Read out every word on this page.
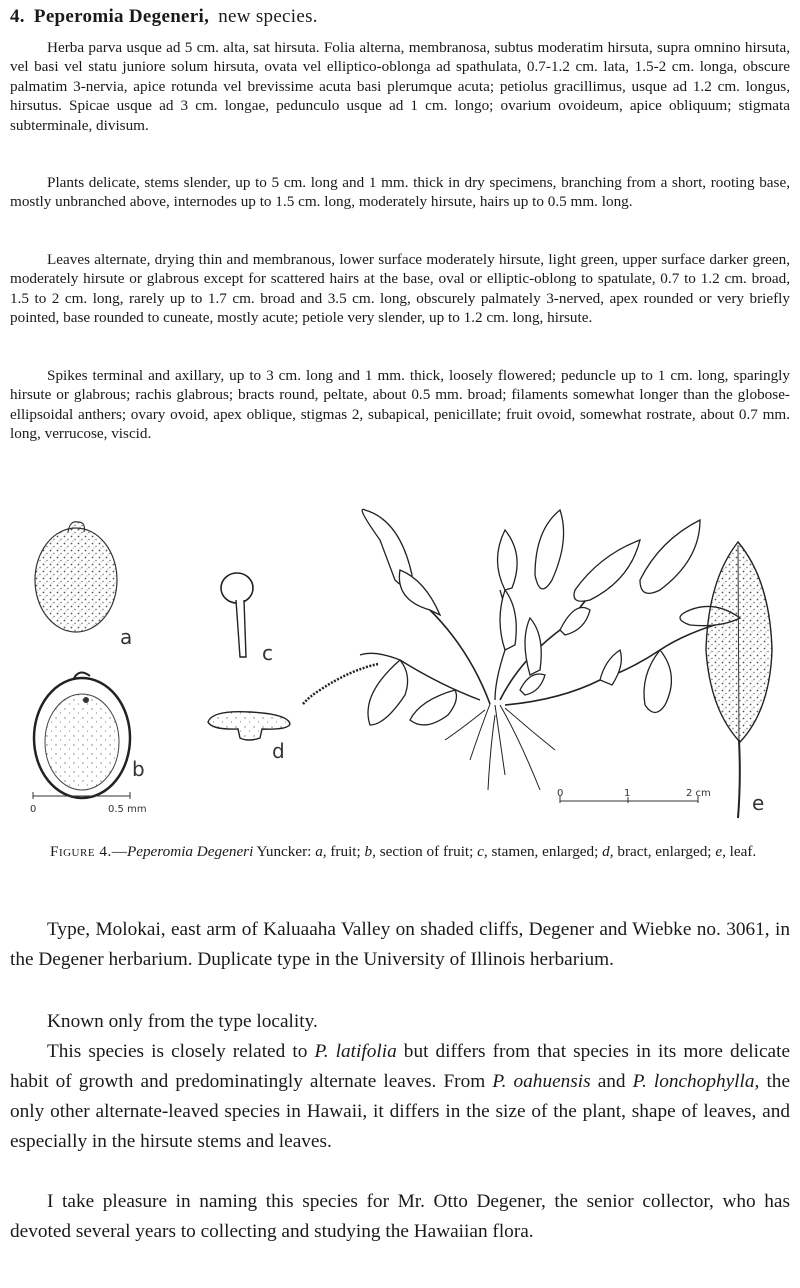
4. Peperomia Degeneri, new species.

Herba parva usque ad 5 cm. alta, sat hirsuta. Folia alterna, membranosa, subtus moderatim hirsuta, supra omnino hirsuta, vel basi vel statu juniore solum hirsuta, ovata vel elliptico-oblonga ad spathulata, 0.7-1.2 cm. lata, 1.5-2 cm. longa, obscure palmatim 3-nervia, apice rotunda vel brevissime acuta basi plerumque acuta; petiolus gracillimus, usque ad 1.2 cm. longus, hirsutus. Spicae usque ad 3 cm. longae, pedunculo usque ad 1 cm. longo; ovarium ovoideum, apice obliquum; stigmata subterminale, divisum.

Plants delicate, stems slender, up to 5 cm. long and 1 mm. thick in dry specimens, branching from a short, rooting base, mostly unbranched above, internodes up to 1.5 cm. long, moderately hirsute, hairs up to 0.5 mm. long.

Leaves alternate, drying thin and membranous, lower surface moderately hirsute, light green, upper surface darker green, moderately hirsute or glabrous except for scattered hairs at the base, oval or elliptic-oblong to spatulate, 0.7 to 1.2 cm. broad, 1.5 to 2 cm. long, rarely up to 1.7 cm. broad and 3.5 cm. long, obscurely palmately 3-nerved, apex rounded or very briefly pointed, base rounded to cuneate, mostly acute; petiole very slender, up to 1.2 cm. long, hirsute.

Spikes terminal and axillary, up to 3 cm. long and 1 mm. thick, loosely flowered; peduncle up to 1 cm. long, sparingly hirsute or glabrous; rachis glabrous; bracts round, peltate, about 0.5 mm. broad; filaments somewhat longer than the globose-ellipsoidal anthers; ovary ovoid, apex oblique, stigmas 2, subapical, penicillate; fruit ovoid, somewhat rostrate, about 0.7 mm. long, verrucose, viscid.

a
b
0	0.5 mm
c
d
0	1	2 cm e

Figure 4.—Peperomia Degeneri Yuncker: a, fruit; b, section of fruit; c, stamen, enlarged; d, bract, enlarged; e, leaf.

Type, Molokai, east arm of Kaluaaha Valley on shaded cliffs, Degener and Wiebke no. 3061, in the Degener herbarium. Duplicate type in the University of Illinois herbarium.

Known only from the type locality.

This species is closely related to P. latifolia but differs from that species in its more delicate habit of growth and predominatingly alternate leaves. From P. oahuensis and P. lonchophylla, the only other alternate-leaved species in Hawaii, it differs in the size of the plant, shape of leaves, and especially in the hirsute stems and leaves.

I take pleasure in naming this species for Mr. Otto Degener, the senior collector, who has devoted several years to collecting and studying the Hawaiian flora.
